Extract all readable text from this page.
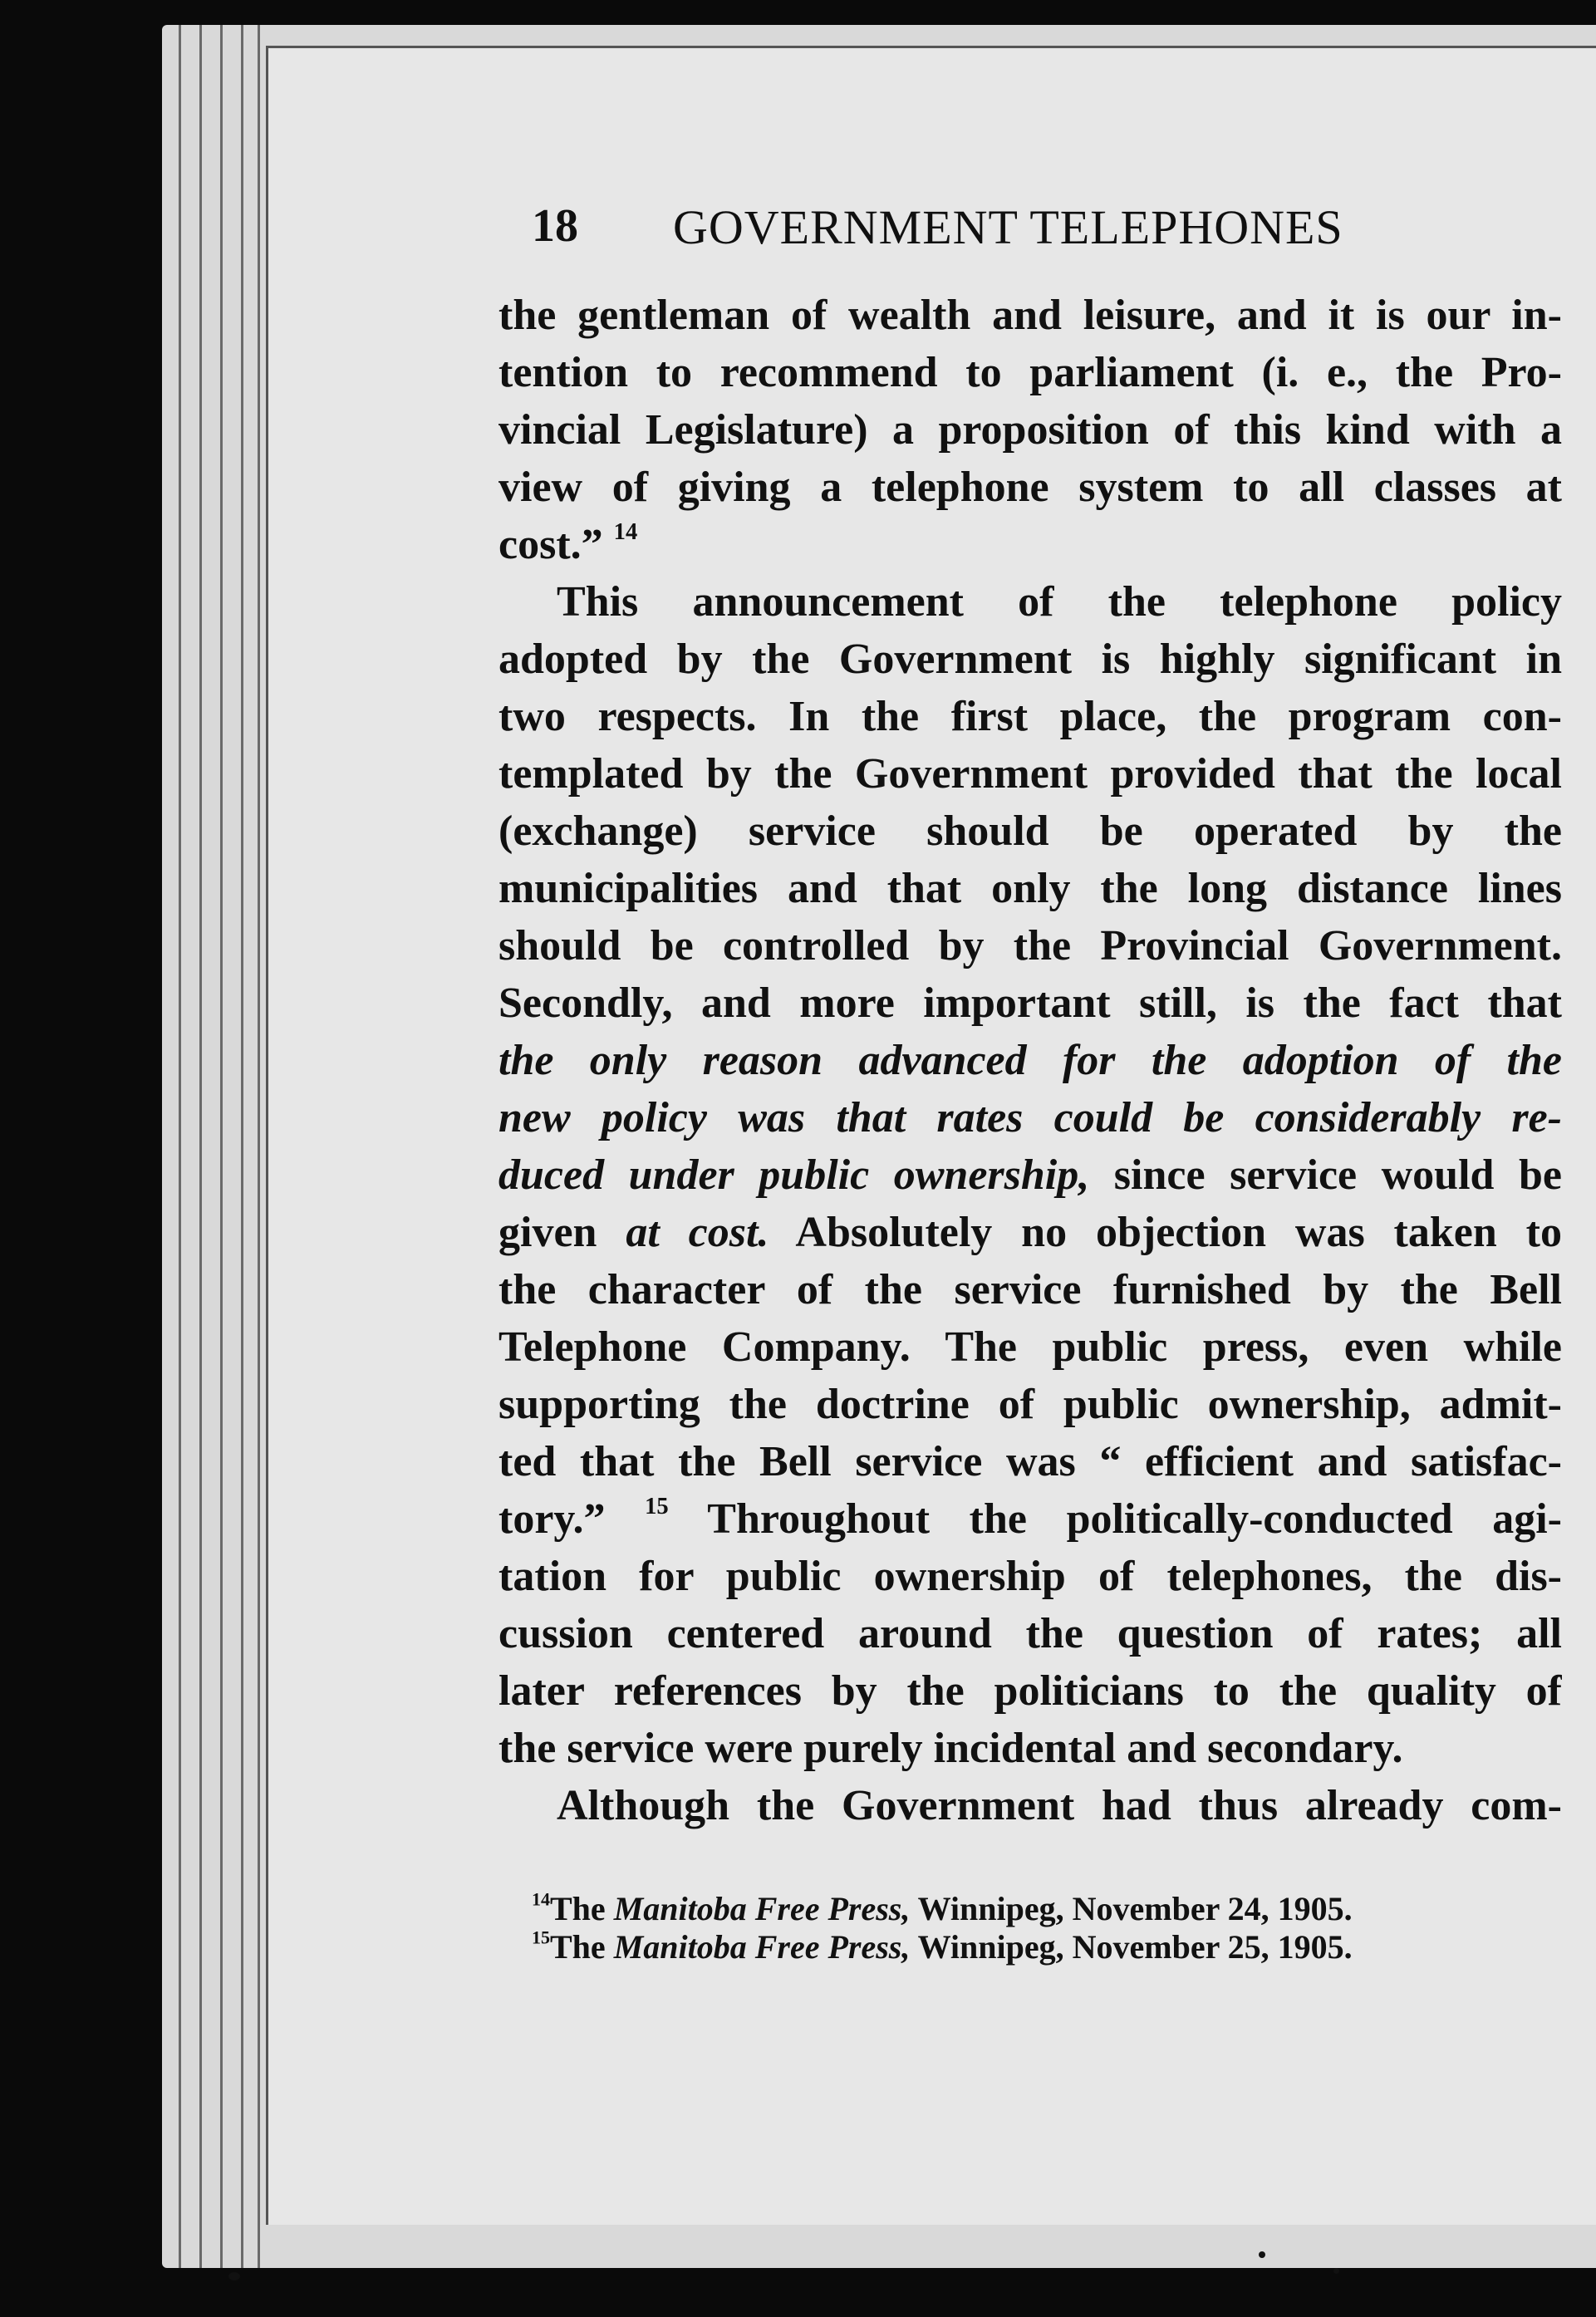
18 GOVERNMENT TELEPHONES
the gentleman of wealth and leisure, and it is our in-
tention to recommend to parliament (i. e., the Pro-
vincial Legislature) a proposition of this kind with a
view of giving a telephone system to all classes at
cost.” $^{14}$
This announcement of the telephone policy
adopted by the Government is highly significant in
two respects. In the first place, the program con-
templated by the Government provided that the local
(exchange) service should be operated by the
municipalities and that only the long distance lines
should be controlled by the Provincial Government.
Secondly, and more important still, is the fact that
the only reason advanced for the adoption of the
new policy was that rates could be considerably re-
duced under public ownership, since service would be
given at cost. Absolutely no objection was taken to
the character of the service furnished by the Bell
Telephone Company. The public press, even while
supporting the doctrine of public ownership, admit-
ted that the Bell service was “ efficient and satisfac-
tory.” $^{15}$ Throughout the politically-conducted agi-
tation for public ownership of telephones, the dis-
cussion centered around the question of rates; all
later references by the politicians to the quality of
the service were purely incidental and secondary.
Although the Government had thus already com-
$^{14}$The Manitoba Free Press, Winnipeg, November 24, 1905.
$^{15}$The Manitoba Free Press, Winnipeg, November 25, 1905.
